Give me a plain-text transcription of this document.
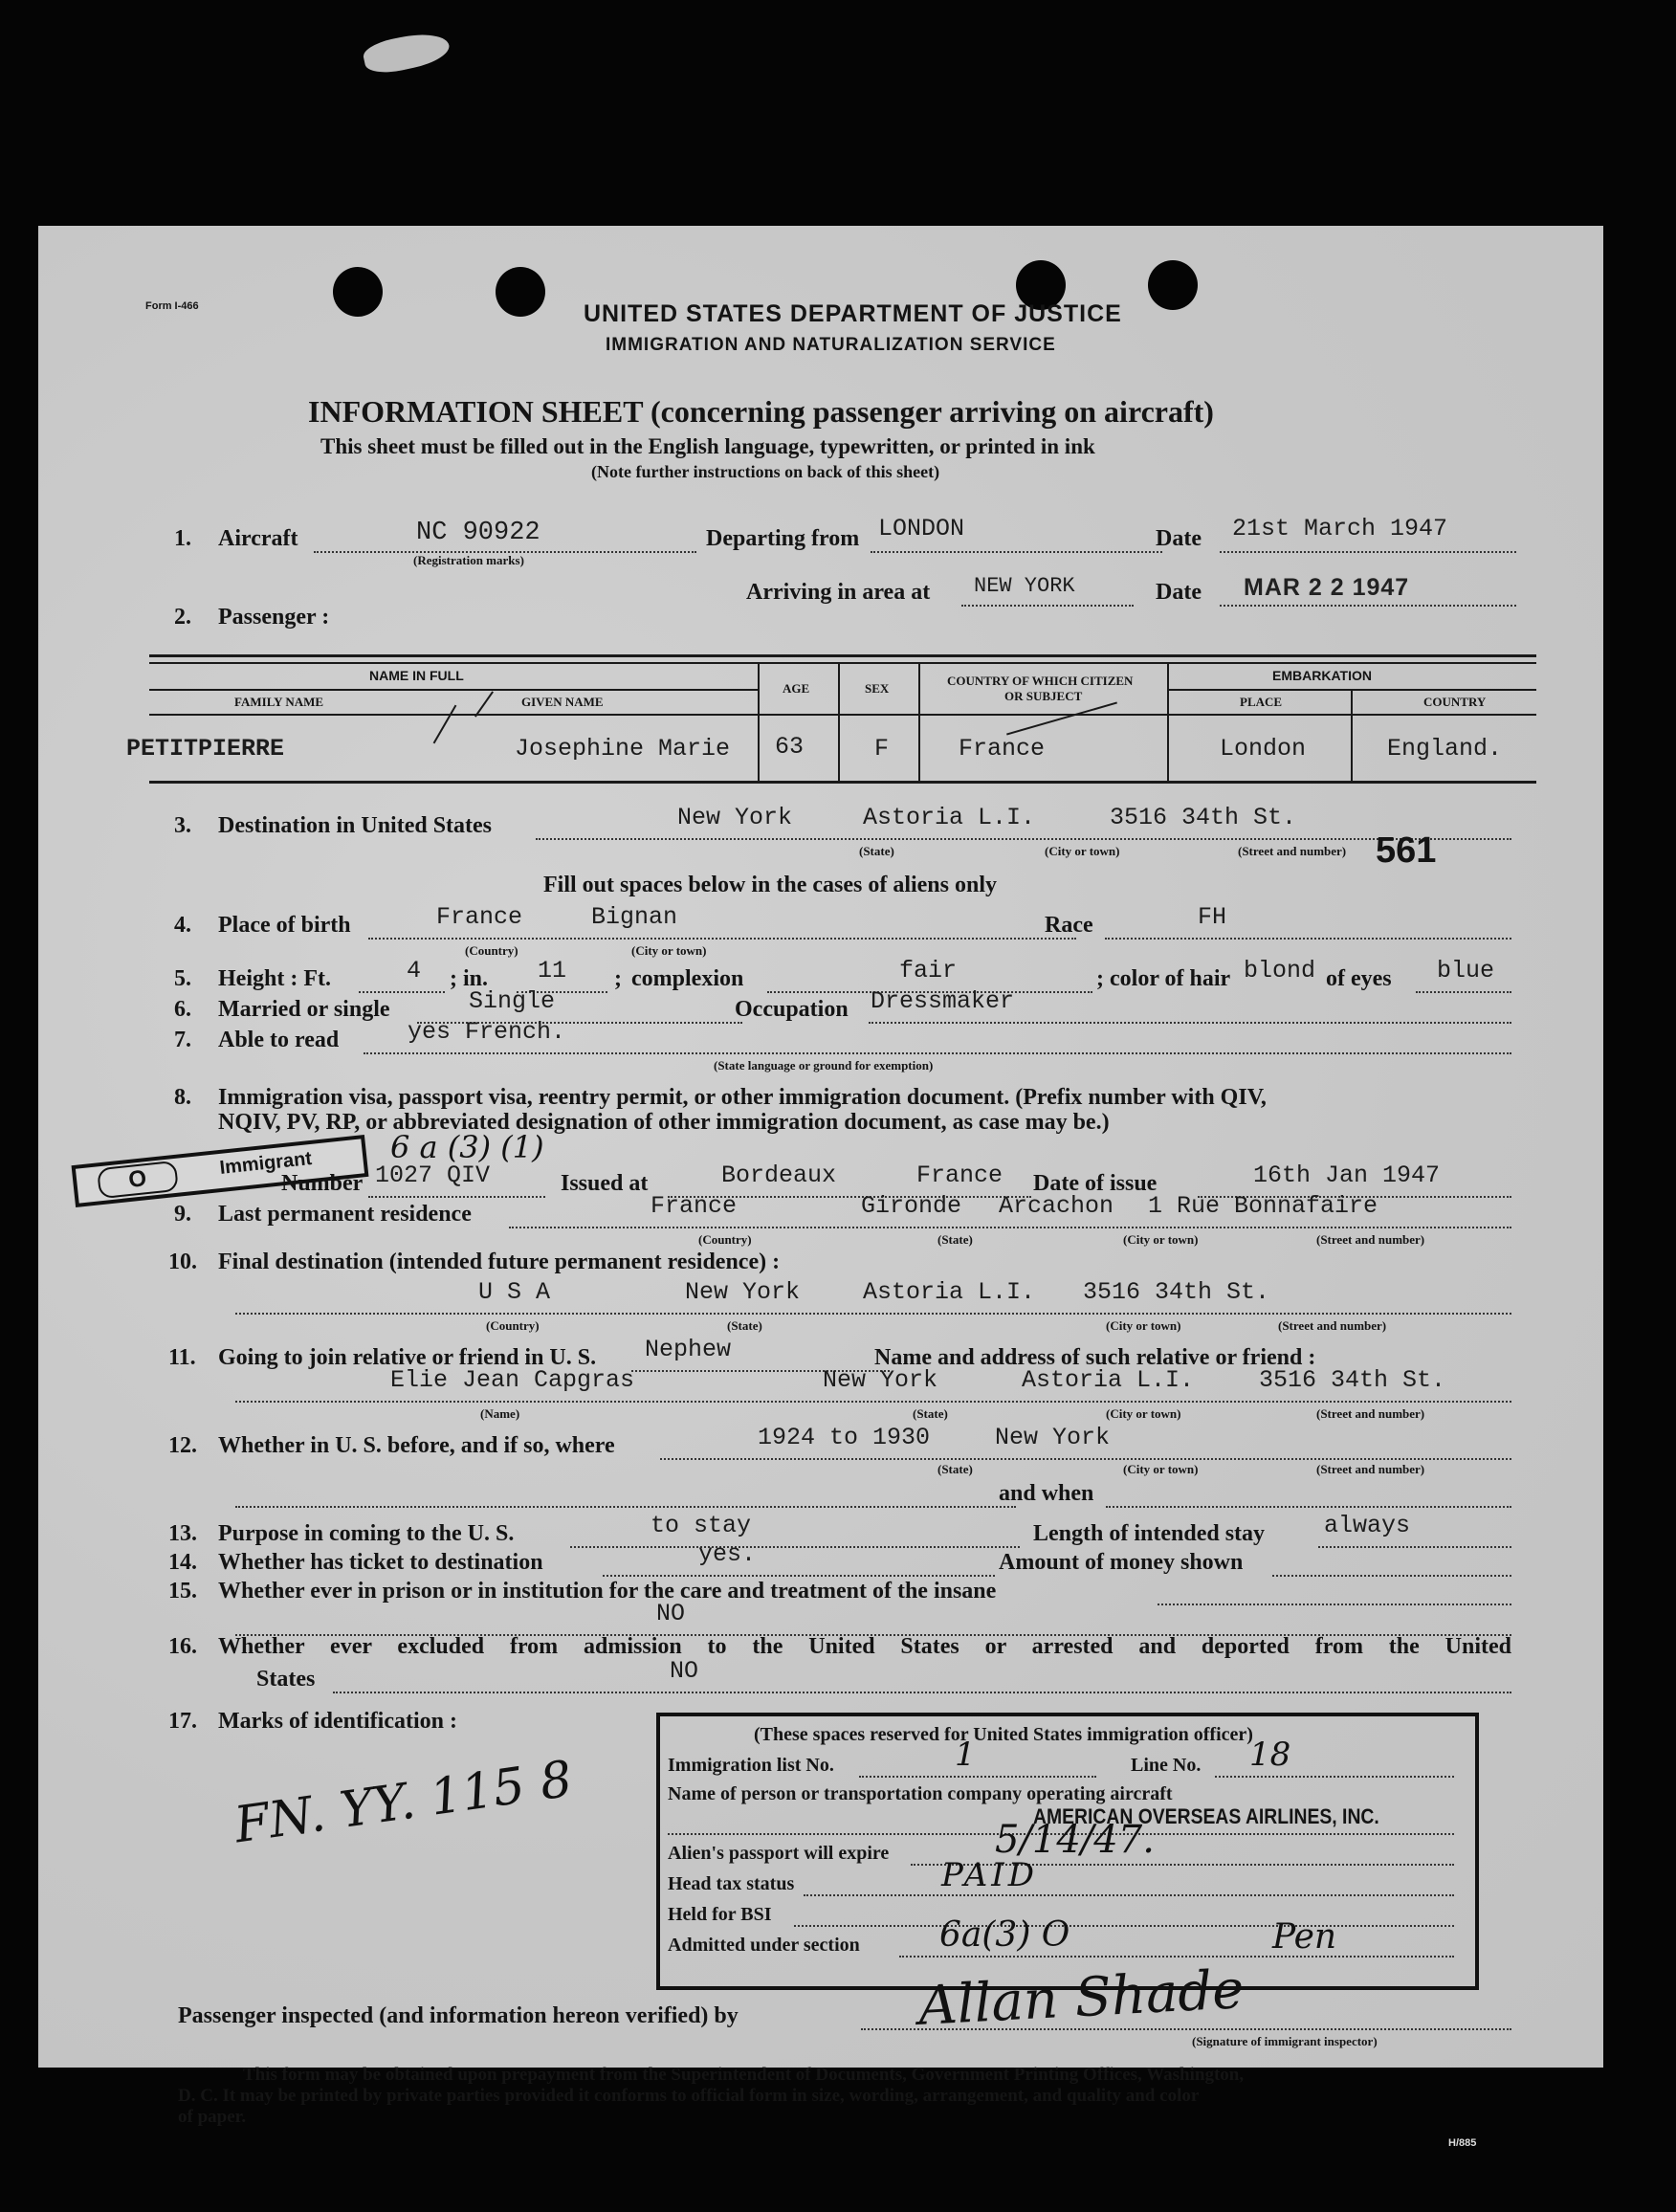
Form I-466	UNITED STATES DEPARTMENT OF JUSTICE
IMMIGRATION AND NATURALIZATION SERVICE
INFORMATION SHEET (concerning passenger arriving on aircraft)
This sheet must be filled out in the English language, typewritten, or printed in ink
(Note further instructions on back of this sheet)
1. Aircraft	NC 90922
(Registration marks)
Departing from LONDON	Date 21st March 1947
Arriving in area at NEW YORK	Date MAR 2 2 1947
2. Passenger :
NAME IN FULL
FAMILY NAME	GIVEN NAME
AGE	SEX
COUNTRY OF WHICH CITIZEN
OR SUBJECT
EMBARKATION
PLACE	COUNTRY
PETITPIERRE	Josephine Marie 63	F	France	London	England.
3. Destination in United States	New York	Astoria L.I.	3516 34th St.
(State)	(City or town)	(Street and number) 561
Fill out spaces below in the cases of aliens only
4. Place of birth	France	Bignan
(Country)	(City or town)
Race	FH
5. Height : Ft.	4 ; in. 11 ; complexion	fair	; color of hair blond of eyes blue
6. Married or single	Single	Occupation Dressmaker
7. Able to read	yes French.
(State language or ground for exemption)
8. Immigration visa, passport visa, reentry permit, or other immigration document. (Prefix number with QIV,
NQIV, PV, RP, or abbreviated designation of other immigration document, as case may be.)
6 a (3) (1)
O
Immigrant
Number 1027 QIV	Issued at	Bordeaux	France Date of issue	16th Jan 1947
9. Last permanent residence	France	Gironde Arcachon 1 Rue Bonnafaire
(Country)	(State)	(City or town)	(Street and number)
10. Final destination (intended future permanent residence) :
U S A	New York	Astoria L.I. 3516 34th St.
(Country)	(State)	(City or town)	(Street and number)
11. Going to join relative or friend in U. S. Nephew	Name and address of such relative or friend :
Elie Jean Capgras	New York	Astoria L.I.	3516 34th St.
(Name)	(State)	(City or town)	(Street and number)
12. Whether in U. S. before, and if so, where	1924 to 1930	New York
(State)	(City or town)	(Street and number)
and when
13. Purpose in coming to the U. S.	to stay	Length of intended stay always
14. Whether has ticket to destination	yes.	Amount of money shown
15. Whether ever in prison or in institution for the care and treatment of the insane
NO
16. Whether ever excluded from admission to the United States or arrested and deported from the United
States	NO
17. Marks of identification :
FN. YY. 115 8
(These spaces reserved for United States immigration officer)
Immigration list No.	1	Line No. 18
Name of person or transportation company operating aircraft
AMERICAN OVERSEAS AIRLINES, INC.
Alien's passport will expire	5/14/47.
Head tax status	PAID
Held for BSI
Admitted under section 6a(3) O	Pen
Passenger inspected (and information hereon verified) by	Allan Shade
(Signature of immigrant inspector)
This form may be obtained upon prepayment from the Superintendent of Documents, Government Printing Offices, Washington,
D. C. It may be printed by private parties provided it conforms to official form in size, wording, arrangement, and quality and color
of paper.
H/885
